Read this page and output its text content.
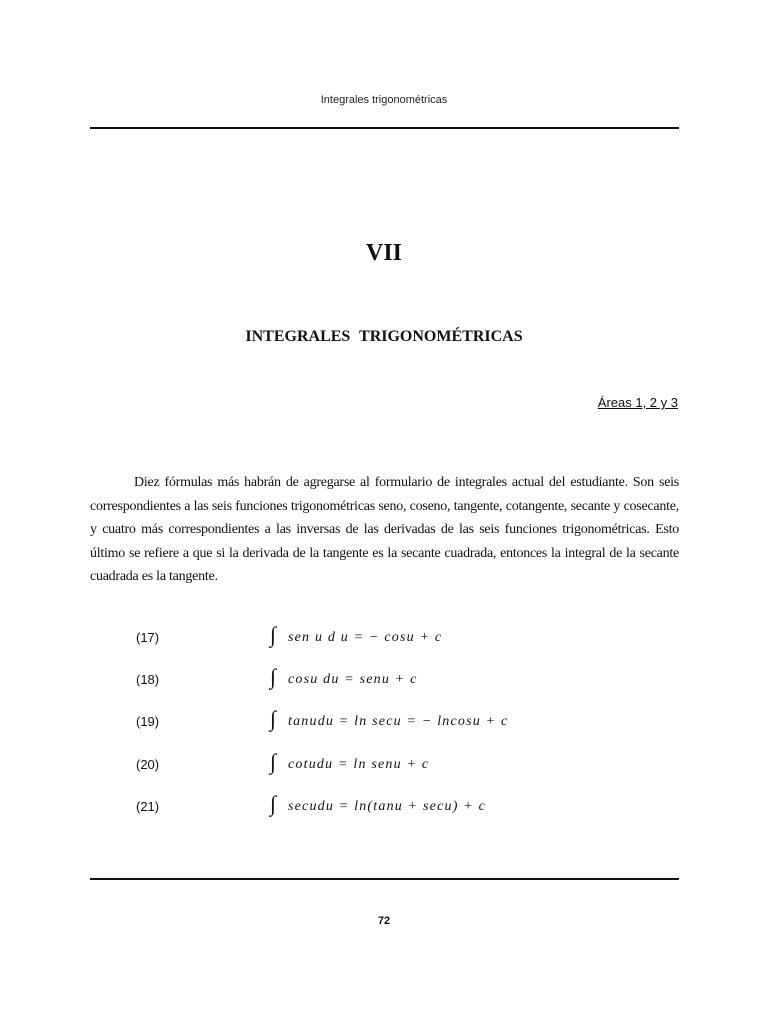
Integrales trigonométricas
VII
INTEGRALES TRIGONOMÉTRICAS
Áreas 1, 2 y 3

Diez fórmulas más habrán de agregarse al formulario de integrales actual del estudiante. Son seis correspondientes a las seis funciones trigonométricas seno, coseno, tangente, cotangente, secante y cosecante, y cuatro más correspondientes a las inversas de las derivadas de las seis funciones trigonométricas. Esto último se refiere a que si la derivada de la tangente es la secante cuadrada, entonces la integral de la secante cuadrada es la tangente.

(17)	∫ sen u d u = − cosu + c
(18)	∫ cosu du = senu + c
(19)	∫ tanudu = ln secu = − lncosu + c
(20)	∫ cotudu = ln senu + c
(21)	∫ secudu = ln(tanu + secu) + c
72
